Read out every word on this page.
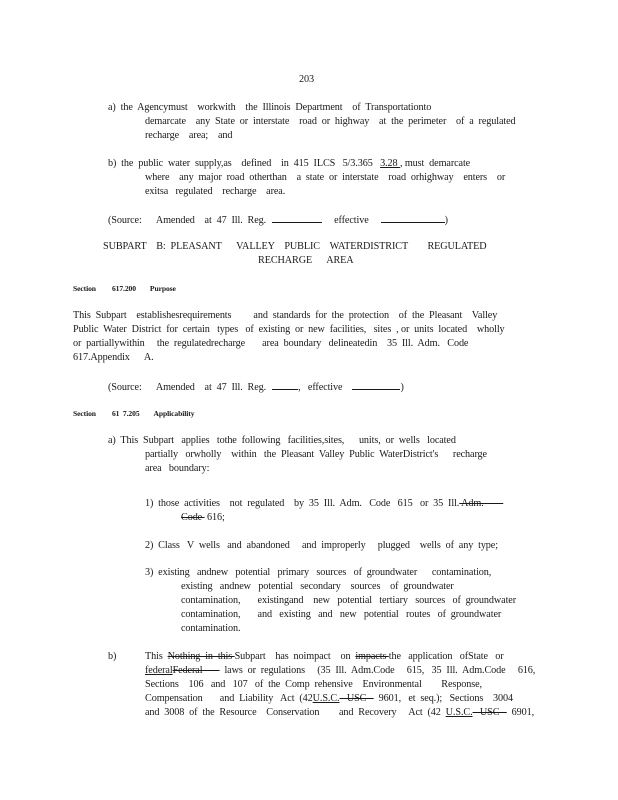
203
a)  the  Agencymust    workwith    the  Illinois  Department    of  Transportationto
demarcate    any  State  or  interstate    road  or  highway    at  the  perimeter    of  a  regulated
recharge    area;    and
b)  the  public  water  supply,as    defined    in  415  ILCS   5/3.365   3.28 , must  demarcate
where    any  major  road  otherthan    a  state  or  interstate    road  orhighway    enters    or
exitsa   regulated    recharge    area.
(Source:      Amended    at  47  Ill.  Reg.	effective	)
SUBPART    B:  PLEASANT      VALLEY    PUBLIC    WATERDISTRICT        REGULATED
RECHARGE      AREA
Section 617.200 Purpose
This  Subpart    establishesrequirements         and  standards  for  the  protection    of  the  Pleasant    Valley
Public  Water  District  for  certain   types   of  existing  or  new  facilities,   sites  , or  units  located    wholly
or  partiallywithin     the  regulatedrecharge       area  boundary   delineatedin    35  Ill.  Adm.   Code
617.Appendix      A.
(Source:      Amended    at  47  Ill.  Reg.	,   effective	)
Section 61  7.205 Applicability
a)  This  Subpart   applies   tothe  following   facilities,sites,      units,  or  wells   located
partially   orwholly    within   the  Pleasant  Valley  Public  WaterDistrict's      recharge
area   boundary:
1)  those  activities    not  regulated    by  35  Ill.  Adm.   Code   615   or  35  Ill. Adm.
Code  616;
2)  Class   V  wells   and  abandoned     and  improperly     plugged    wells  of  any  type;
3)  existing   andnew   potential   primary   sources   of  groundwater      contamination,
existing   andnew   potential   secondary    sources    of  groundwater
contamination,       existingand    new   potential   tertiary   sources   of  groundwater
contamination,       and   existing   and   new   potential   routes   of  groundwater
contamination.
b)	This  Nothing  in  this Subpart    has  noimpact    on  impacts the   application   ofState   or
federalFederal         laws  or  regulations     (35  Ill.  Adm.Code     615,   35  Ill.  Adm.Code     616,
Sections    106   and   107   of  the  Comp  rehensive    Environmental        Response,
Compensation       and  Liability   Act  (42U.S.C.   USC     9601,   et  seq.);   Sections    3004
and  3008  of  the  Resource    Conservation        and  Recovery     Act  (42  U.S.C.   USC     6901,
